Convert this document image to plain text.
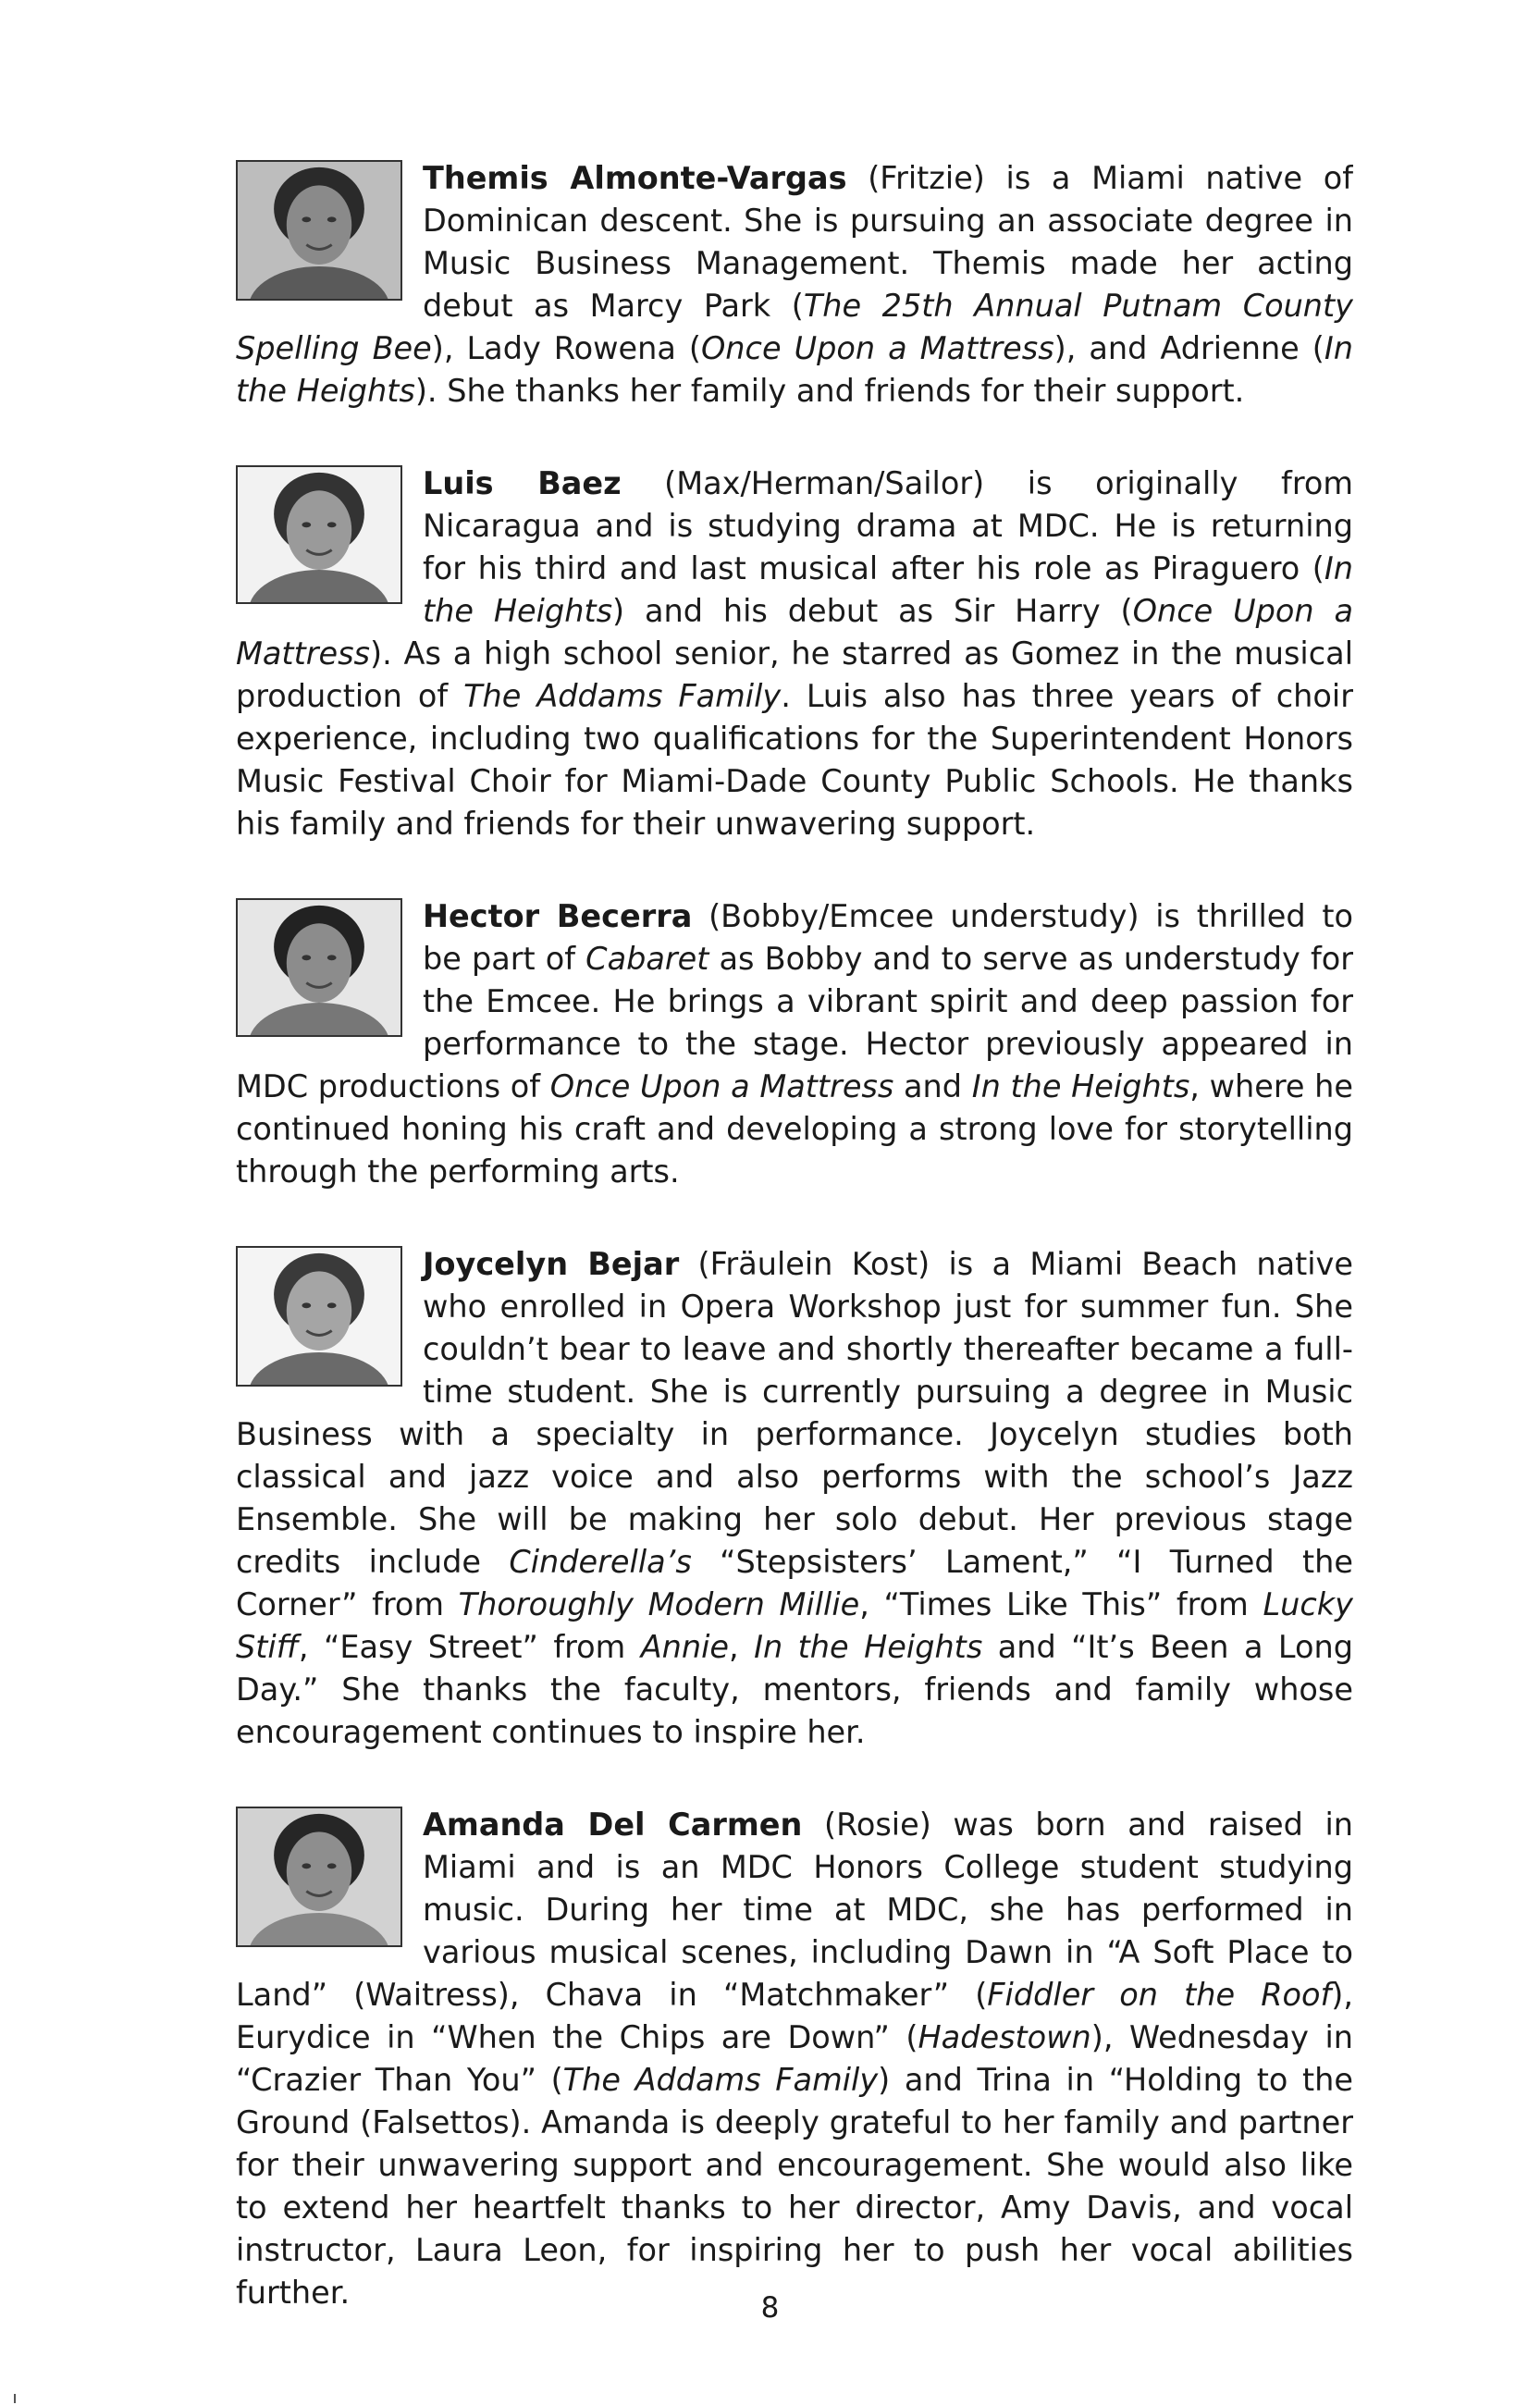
Themis Almonte-Vargas (Fritzie) is a Miami native of Dominican descent. She is pursuing an associate degree in Music Business Management. Themis made her acting debut as Marcy Park (The 25th Annual Putnam County Spelling Bee), Lady Rowena (Once Upon a Mattress), and Adrienne (In the Heights). She thanks her family and friends for their support.

Luis Baez (Max/Herman/Sailor) is originally from Nicaragua and is studying drama at MDC. He is returning for his third and last musical after his role as Piraguero (In the Heights) and his debut as Sir Harry (Once Upon a Mattress). As a high school senior, he starred as Gomez in the musical production of The Addams Family. Luis also has three years of choir experience, including two qualifications for the Superintendent Honors Music Festival Choir for Miami-Dade County Public Schools. He thanks his family and friends for their unwavering support.

Hector Becerra (Bobby/Emcee understudy) is thrilled to be part of Cabaret as Bobby and to serve as understudy for the Emcee. He brings a vibrant spirit and deep passion for performance to the stage. Hector previously appeared in MDC productions of Once Upon a Mattress and In the Heights, where he continued honing his craft and developing a strong love for storytelling through the performing arts.

Joycelyn Bejar (Fräulein Kost) is a Miami Beach native who enrolled in Opera Workshop just for summer fun. She couldn’t bear to leave and shortly thereafter became a full-time student. She is currently pursuing a degree in Music Business with a specialty in performance. Joycelyn studies both classical and jazz voice and also performs with the school’s Jazz Ensemble. She will be making her solo debut. Her previous stage credits include Cinderella’s “Stepsisters’ Lament,” “I Turned the Corner” from Thoroughly Modern Millie, “Times Like This” from Lucky Stiff, “Easy Street” from Annie, In the Heights and “It’s Been a Long Day.” She thanks the faculty, mentors, friends and family whose encouragement continues to inspire her.

Amanda Del Carmen (Rosie) was born and raised in Miami and is an MDC Honors College student studying music. During her time at MDC, she has performed in various musical scenes, including Dawn in “A Soft Place to Land” (Waitress), Chava in “Matchmaker” (Fiddler on the Roof), Eurydice in “When the Chips are Down” (Hadestown), Wednesday in “Crazier Than You” (The Addams Family) and Trina in “Holding to the Ground (Falsettos). Amanda is deeply grateful to her family and partner for their unwavering support and encouragement. She would also like to extend her heartfelt thanks to her director, Amy Davis, and vocal instructor, Laura Leon, for inspiring her to push her vocal abilities further.	8
